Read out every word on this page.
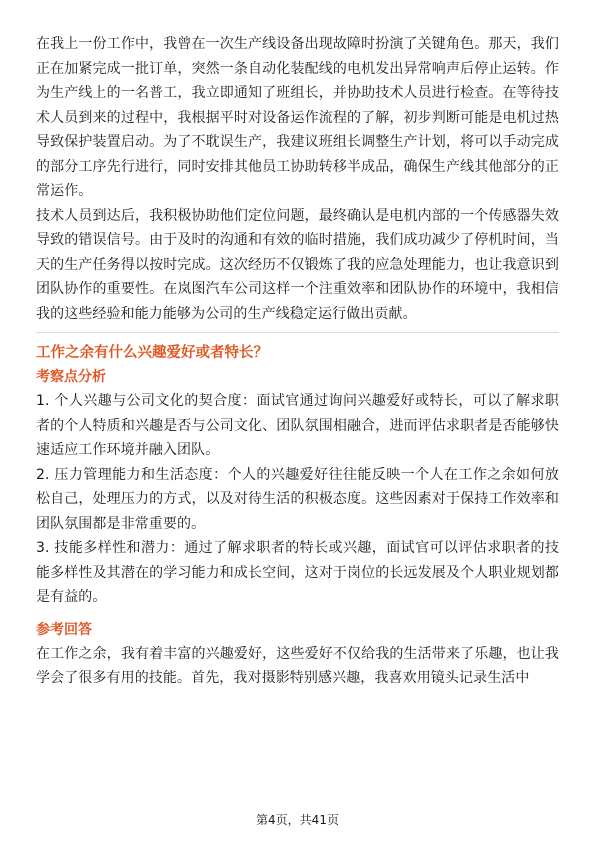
在我上一份工作中，我曾在一次生产线设备出现故障时扮演了关键角色。那天，我们正在加紧完成一批订单，突然一条自动化装配线的电机发出异常响声后停止运转。作为生产线上的一名普工，我立即通知了班组长，并协助技术人员进行检查。在等待技术人员到来的过程中，我根据平时对设备运作流程的了解，初步判断可能是电机过热导致保护装置启动。为了不耽误生产，我建议班组长调整生产计划，将可以手动完成的部分工序先行进行，同时安排其他员工协助转移半成品，确保生产线其他部分的正常运作。

技术人员到达后，我积极协助他们定位问题，最终确认是电机内部的一个传感器失效导致的错误信号。由于及时的沟通和有效的临时措施，我们成功减少了停机时间，当天的生产任务得以按时完成。这次经历不仅锻炼了我的应急处理能力，也让我意识到团队协作的重要性。在岚图汽车公司这样一个注重效率和团队协作的环境中，我相信我的这些经验和能力能够为公司的生产线稳定运行做出贡献。

工作之余有什么兴趣爱好或者特长？

考察点分析

1. 个人兴趣与公司文化的契合度：面试官通过询问兴趣爱好或特长，可以了解求职者的个人特质和兴趣是否与公司文化、团队氛围相融合，进而评估求职者是否能够快速适应工作环境并融入团队。

2. 压力管理能力和生活态度：个人的兴趣爱好往往能反映一个人在工作之余如何放松自己，处理压力的方式，以及对待生活的积极态度。这些因素对于保持工作效率和团队氛围都是非常重要的。

3. 技能多样性和潜力：通过了解求职者的特长或兴趣，面试官可以评估求职者的技能多样性及其潜在的学习能力和成长空间，这对于岗位的长远发展及个人职业规划都是有益的。

参考回答

在工作之余，我有着丰富的兴趣爱好，这些爱好不仅给我的生活带来了乐趣，也让我学会了很多有用的技能。首先，我对摄影特别感兴趣，我喜欢用镜头记录生活中

第4页，共41页
